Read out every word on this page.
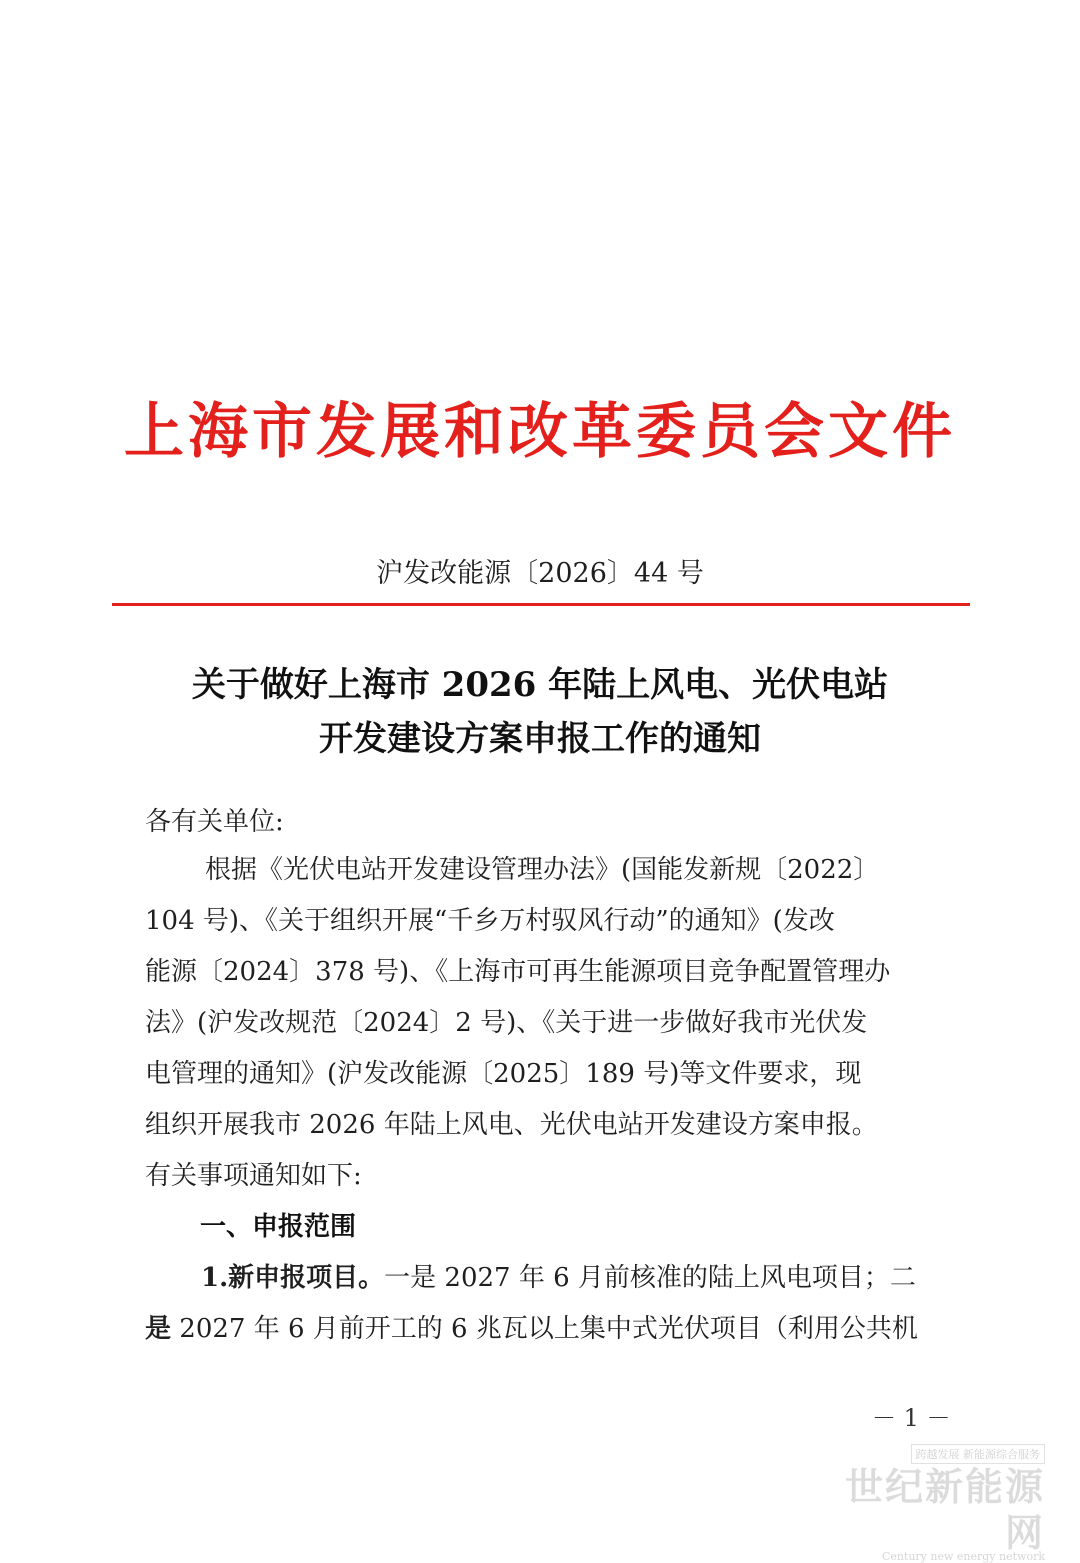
上海市发展和改革委员会文件
沪发改能源〔2026〕44 号
关于做好上海市 2026 年陆上风电、光伏电站
开发建设方案申报工作的通知
各有关单位:
根据《光伏电站开发建设管理办法》(国能发新规〔2022〕
104 号)、《关于组织开展“千乡万村驭风行动”的通知》(发改
能源〔2024〕378 号)、《上海市可再生能源项目竞争配置管理办
法》(沪发改规范〔2024〕2 号)、《关于进一步做好我市光伏发
电管理的通知》(沪发改能源〔2025〕189 号)等文件要求，现
组织开展我市 2026 年陆上风电、光伏电站开发建设方案申报。
有关事项通知如下:
一、申报范围
1.新申报项目。一是 2027 年 6 月前核准的陆上风电项目；二
是 2027 年 6 月前开工的 6 兆瓦以上集中式光伏项目（利用公共机
－ 1 －
跨越发展 新能源综合服务
世纪新能源网
Century new energy network
